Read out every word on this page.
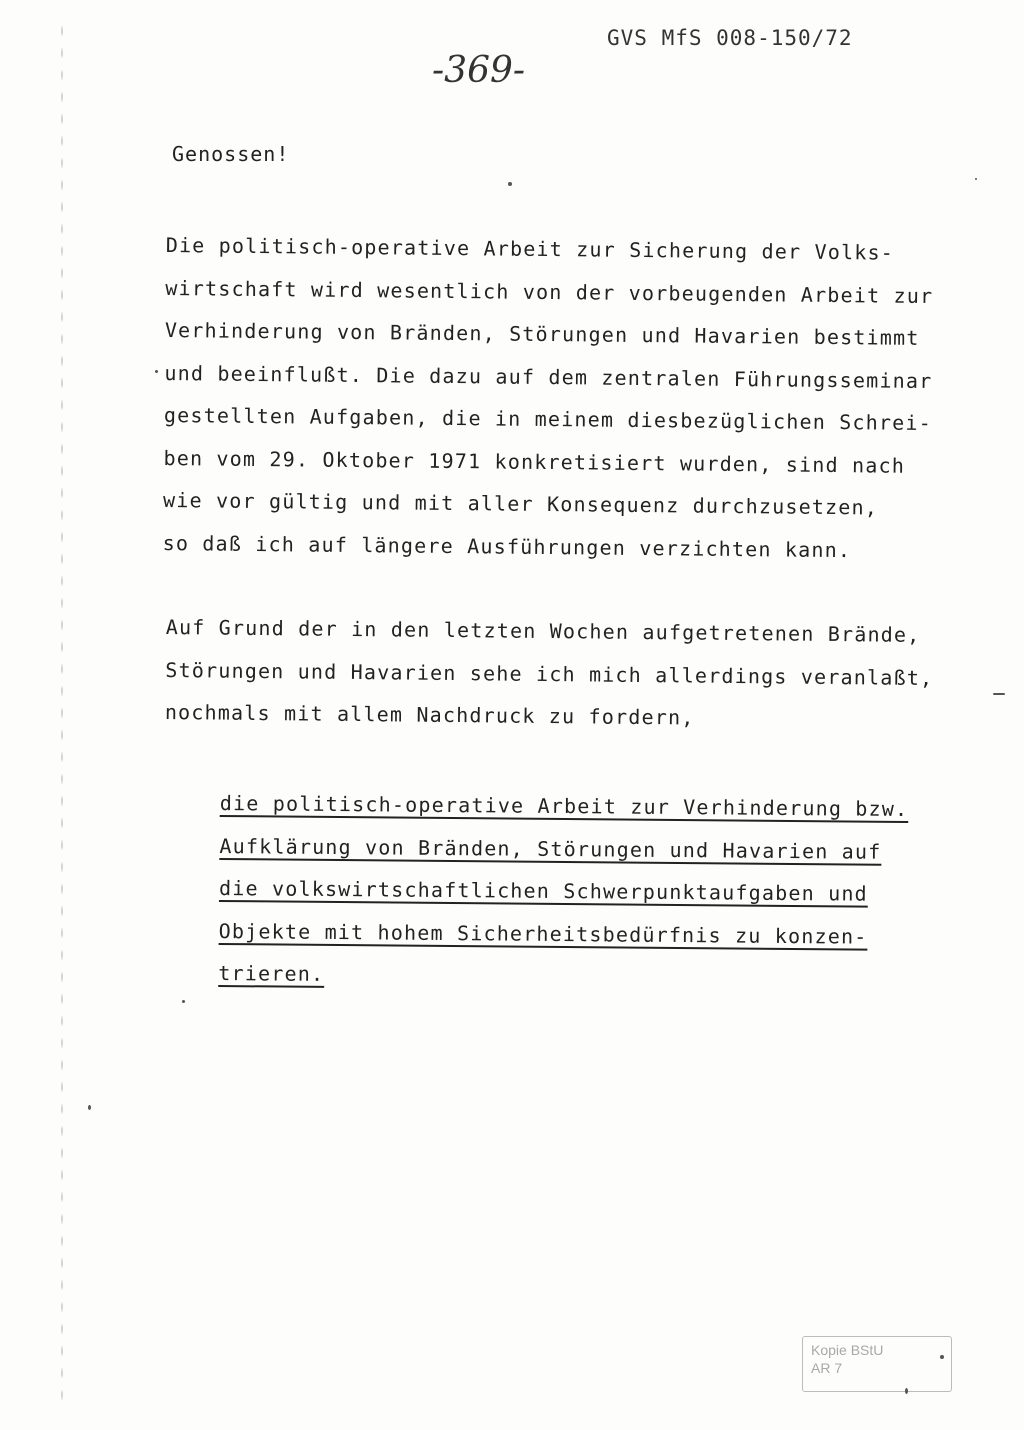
GVS MfS 008-150/72
-369-
Genossen!

Die politisch-operative Arbeit zur Sicherung der Volks-
wirtschaft wird wesentlich von der vorbeugenden Arbeit zur
Verhinderung von Bränden, Störungen und Havarien bestimmt
und beeinflußt. Die dazu auf dem zentralen Führungsseminar
gestellten Aufgaben, die in meinem diesbezüglichen Schrei-
ben vom 29. Oktober 1971 konkretisiert wurden, sind nach
wie vor gültig und mit aller Konsequenz durchzusetzen,
so daß ich auf längere Ausführungen verzichten kann.

Auf Grund der in den letzten Wochen aufgetretenen Brände,
Störungen und Havarien sehe ich mich allerdings veranlaßt,
nochmals mit allem Nachdruck zu fordern,

die politisch-operative Arbeit zur Verhinderung bzw.
Aufklärung von Bränden, Störungen und Havarien auf
die volkswirtschaftlichen Schwerpunktaufgaben und
Objekte mit hohem Sicherheitsbedürfnis zu konzen-
trieren.

Kopie BStU
AR 7
